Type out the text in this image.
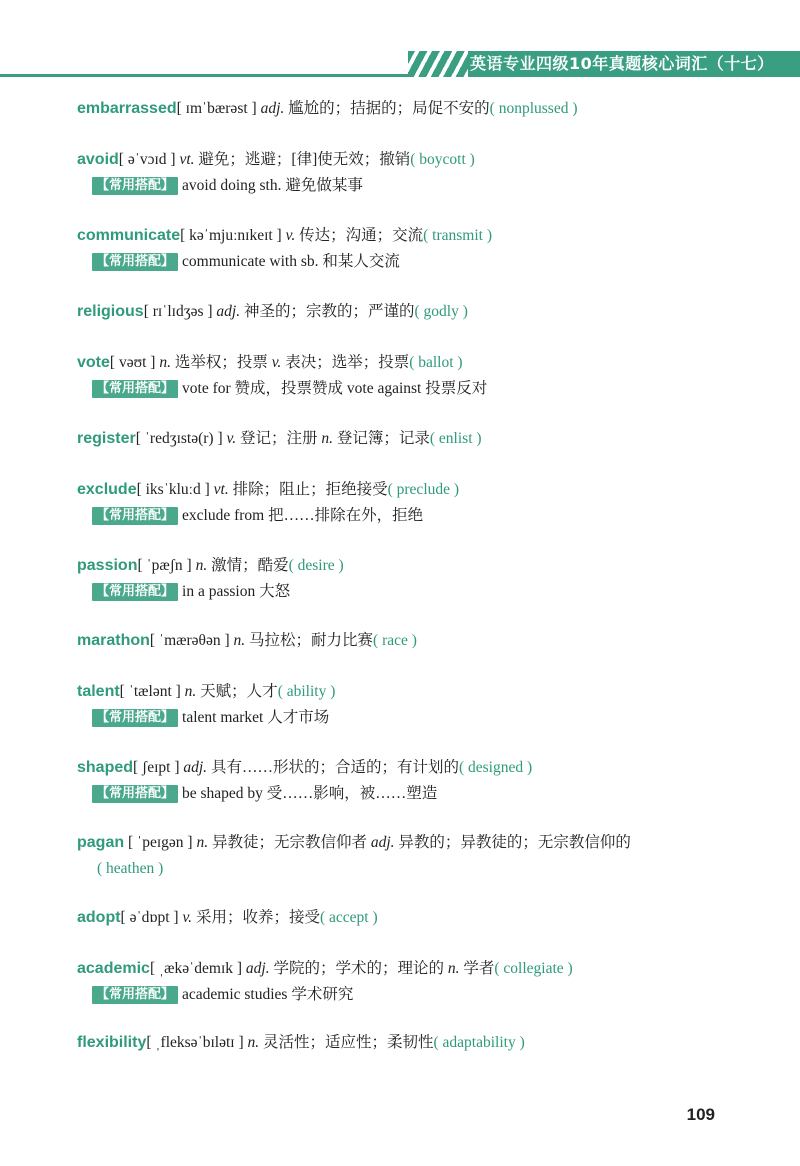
英语专业四级10年真题核心词汇（十七）
embarrassed[ ɪmˈbærəst ] adj. 尴尬的；拮据的；局促不安的( nonplussed )
avoid[ əˈvɔɪd ] vt. 避免；逃避；[律]使无效；撤销( boycott )
【常用搭配】 avoid doing sth. 避免做某事
communicate[ kəˈmjuːnɪkeɪt ] v. 传达；沟通；交流( transmit )
【常用搭配】 communicate with sb. 和某人交流
religious[ rɪˈlɪdʒəs ] adj. 神圣的；宗教的；严谨的( godly )
vote[ vəʊt ] n. 选举权；投票 v. 表决；选举；投票( ballot )
【常用搭配】 vote for 赞成，投票赞成 vote against 投票反对
register[ ˈredʒɪstə(r) ] v. 登记；注册 n. 登记簿；记录( enlist )
exclude[ iksˈkluːd ] vt. 排除；阻止；拒绝接受( preclude )
【常用搭配】 exclude from 把……排除在外，拒绝
passion[ ˈpæʃn ] n. 激情；酷爱( desire )
【常用搭配】 in a passion 大怒
marathon[ ˈmærəθən ] n. 马拉松；耐力比赛( race )
talent[ ˈtælənt ] n. 天赋；人才( ability )
【常用搭配】 talent market 人才市场
shaped[ ʃeɪpt ] adj. 具有……形状的；合适的；有计划的( designed )
【常用搭配】 be shaped by 受……影响，被……塑造
pagan [ ˈpeɪgən ] n. 异教徒；无宗教信仰者 adj. 异教的；异教徒的；无宗教信仰的
( heathen )
adopt[ əˈdɒpt ] v. 采用；收养；接受( accept )
academic[ ˌækəˈdemɪk ] adj. 学院的；学术的；理论的 n. 学者( collegiate )
【常用搭配】 academic studies 学术研究
flexibility[ ˌfleksəˈbɪlətɪ ] n. 灵活性；适应性；柔韧性( adaptability )
109
